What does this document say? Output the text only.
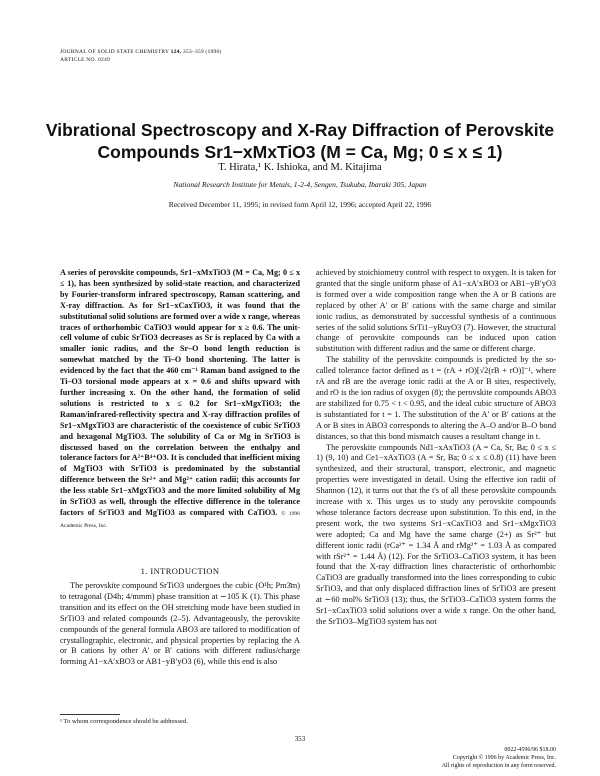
JOURNAL OF SOLID STATE CHEMISTRY 124, 353–359 (1996)
ARTICLE NO. 0249
Vibrational Spectroscopy and X-Ray Diffraction of Perovskite
Compounds Sr1−xMxTiO3 (M = Ca, Mg; 0 ≤ x ≤ 1)
T. Hirata,¹ K. Ishioka, and M. Kitajima
National Research Institute for Metals, 1-2-4, Sengen, Tsukuba, Ibaraki 305, Japan
Received December 11, 1995; in revised form April 12, 1996; accepted April 22, 1996

A series of perovskite compounds, Sr1−xMxTiO3 (M = Ca, Mg; 0 ≤ x ≤ 1), has been synthesized by solid-state reaction, and characterized by Fourier-transform infrared spectroscopy, Raman scattering, and X-ray diffraction. As for Sr1−xCaxTiO3, it was found that the substitutional solid solutions are formed over a wide x range, whereas traces of orthorhombic CaTiO3 would appear for x ≥ 0.6. The unit-cell volume of cubic SrTiO3 decreases as Sr is replaced by Ca with a smaller ionic radius, and the Sr–O bond length reduction is somewhat matched by the Ti–O bond shortening. The latter is evidenced by the fact that the 460 cm⁻¹ Raman band assigned to the Ti–O3 torsional mode appears at x = 0.6 and shifts upward with further increasing x. On the other hand, the formation of solid solutions is restricted to x ≤ 0.2 for Sr1−xMgxTiO3; the Raman/infrared-reflectivity spectra and X-ray diffraction profiles of Sr1−xMgxTiO3 are characteristic of the coexistence of cubic SrTiO3 and hexagonal MgTiO3. The solubility of Ca or Mg in SrTiO3 is discussed based on the correlation between the enthalpy and tolerance factors for A²⁺B⁴⁺O3. It is concluded that inefficient mixing of MgTiO3 with SrTiO3 is predominated by the substantial difference between the Sr²⁺ and Mg²⁺ cation radii; this accounts for the less stable Sr1−xMgxTiO3 and the more limited solubility of Mg in SrTiO3 as well, through the effective difference in the tolerance factors of SrTiO3 and MgTiO3 as compared with CaTiO3. © 1996 Academic Press, Inc.

1. INTRODUCTION

The perovskite compound SrTiO3 undergoes the cubic (O¹h; Pm3̄m) to tetragonal (D4h; 4/mmm) phase transition at ∼105 K (1). This phase transition and its effect on the OH stretching mode have been studied in SrTiO3 and related compounds (2–5). Advantageously, the perovskite compounds of the general formula ABO3 are tailored to modification of crystallographic, electronic, and physical properties by replacing the A or B cations by other A′ or B′ cations with different radius/charge forming A1−xA′xBO3 or AB1−yB′yO3 (6), while this end is also

¹ To whom correspondence should be addressed.

achieved by stoichiometry control with respect to oxygen. It is taken for granted that the single uniform phase of A1−xA′xBO3 or AB1−yB′yO3 is formed over a wide composition range when the A or B cations are replaced by other A′ or B′ cations with the same charge and similar ionic radius, as demonstrated by successful synthesis of a continuous series of the solid solutions SrTi1−yRuyO3 (7). However, the structural change of perovskite compounds can be induced upon cation substitution with different radius and the same or different charge.

The stability of the perovskite compounds is predicted by the so-called tolerance factor defined as t = (rA + rO)[√2(rB + rO)]⁻¹, where rA and rB are the average ionic radii at the A or B sites, respectively, and rO is the ion radius of oxygen (8); the perovskite compounds ABO3 are stabilized for 0.75 < t < 0.95, and the ideal cubic structure of ABO3 is substantiated for t = 1. The substitution of the A′ or B′ cations at the A or B sites in ABO3 corresponds to altering the A–O and/or B–O bond distances, so that this bond mismatch causes a resultant change in t.

The perovskite compounds Nd1−xAxTiO3 (A = Ca, Sr, Ba; 0 ≤ x ≤ 1) (9, 10) and Ce1−xAxTiO3 (A = Sr, Ba; 0 ≤ x ≤ 0.8) (11) have been synthesized, and their structural, transport, electronic, and magnetic properties were investigated in detail. Using the effective ion radii of Shannon (12), it turns out that the t's of all these perovskite compounds increase with x. This urges us to study any perovskite compounds whose tolerance factors decrease upon substitution. To this end, in the present work, the two systems Sr1−xCaxTiO3 and Sr1−xMgxTiO3 were adopted; Ca and Mg have the same charge (2+) as Sr²⁺ but different ionic radii (rCa²⁺ = 1.34 Å and rMg²⁺ = 1.03 Å as compared with rSr²⁺ = 1.44 Å) (12). For the SrTiO3–CaTiO3 system, it has been found that the X-ray diffraction lines characteristic of orthorhombic CaTiO3 are gradually transformed into the lines corresponding to cubic SrTiO3, and that only displaced diffraction lines of SrTiO3 are present at ∼60 mol% SrTiO3 (13); thus, the SrTiO3–CaTiO3 system forms the Sr1−xCaxTiO3 solid solutions over a wide x range. On the other hand, the SrTiO3–MgTiO3 system has not

353
0022-4596/96 $18.00
Copyright © 1996 by Academic Press, Inc.
All rights of reproduction in any form reserved.
